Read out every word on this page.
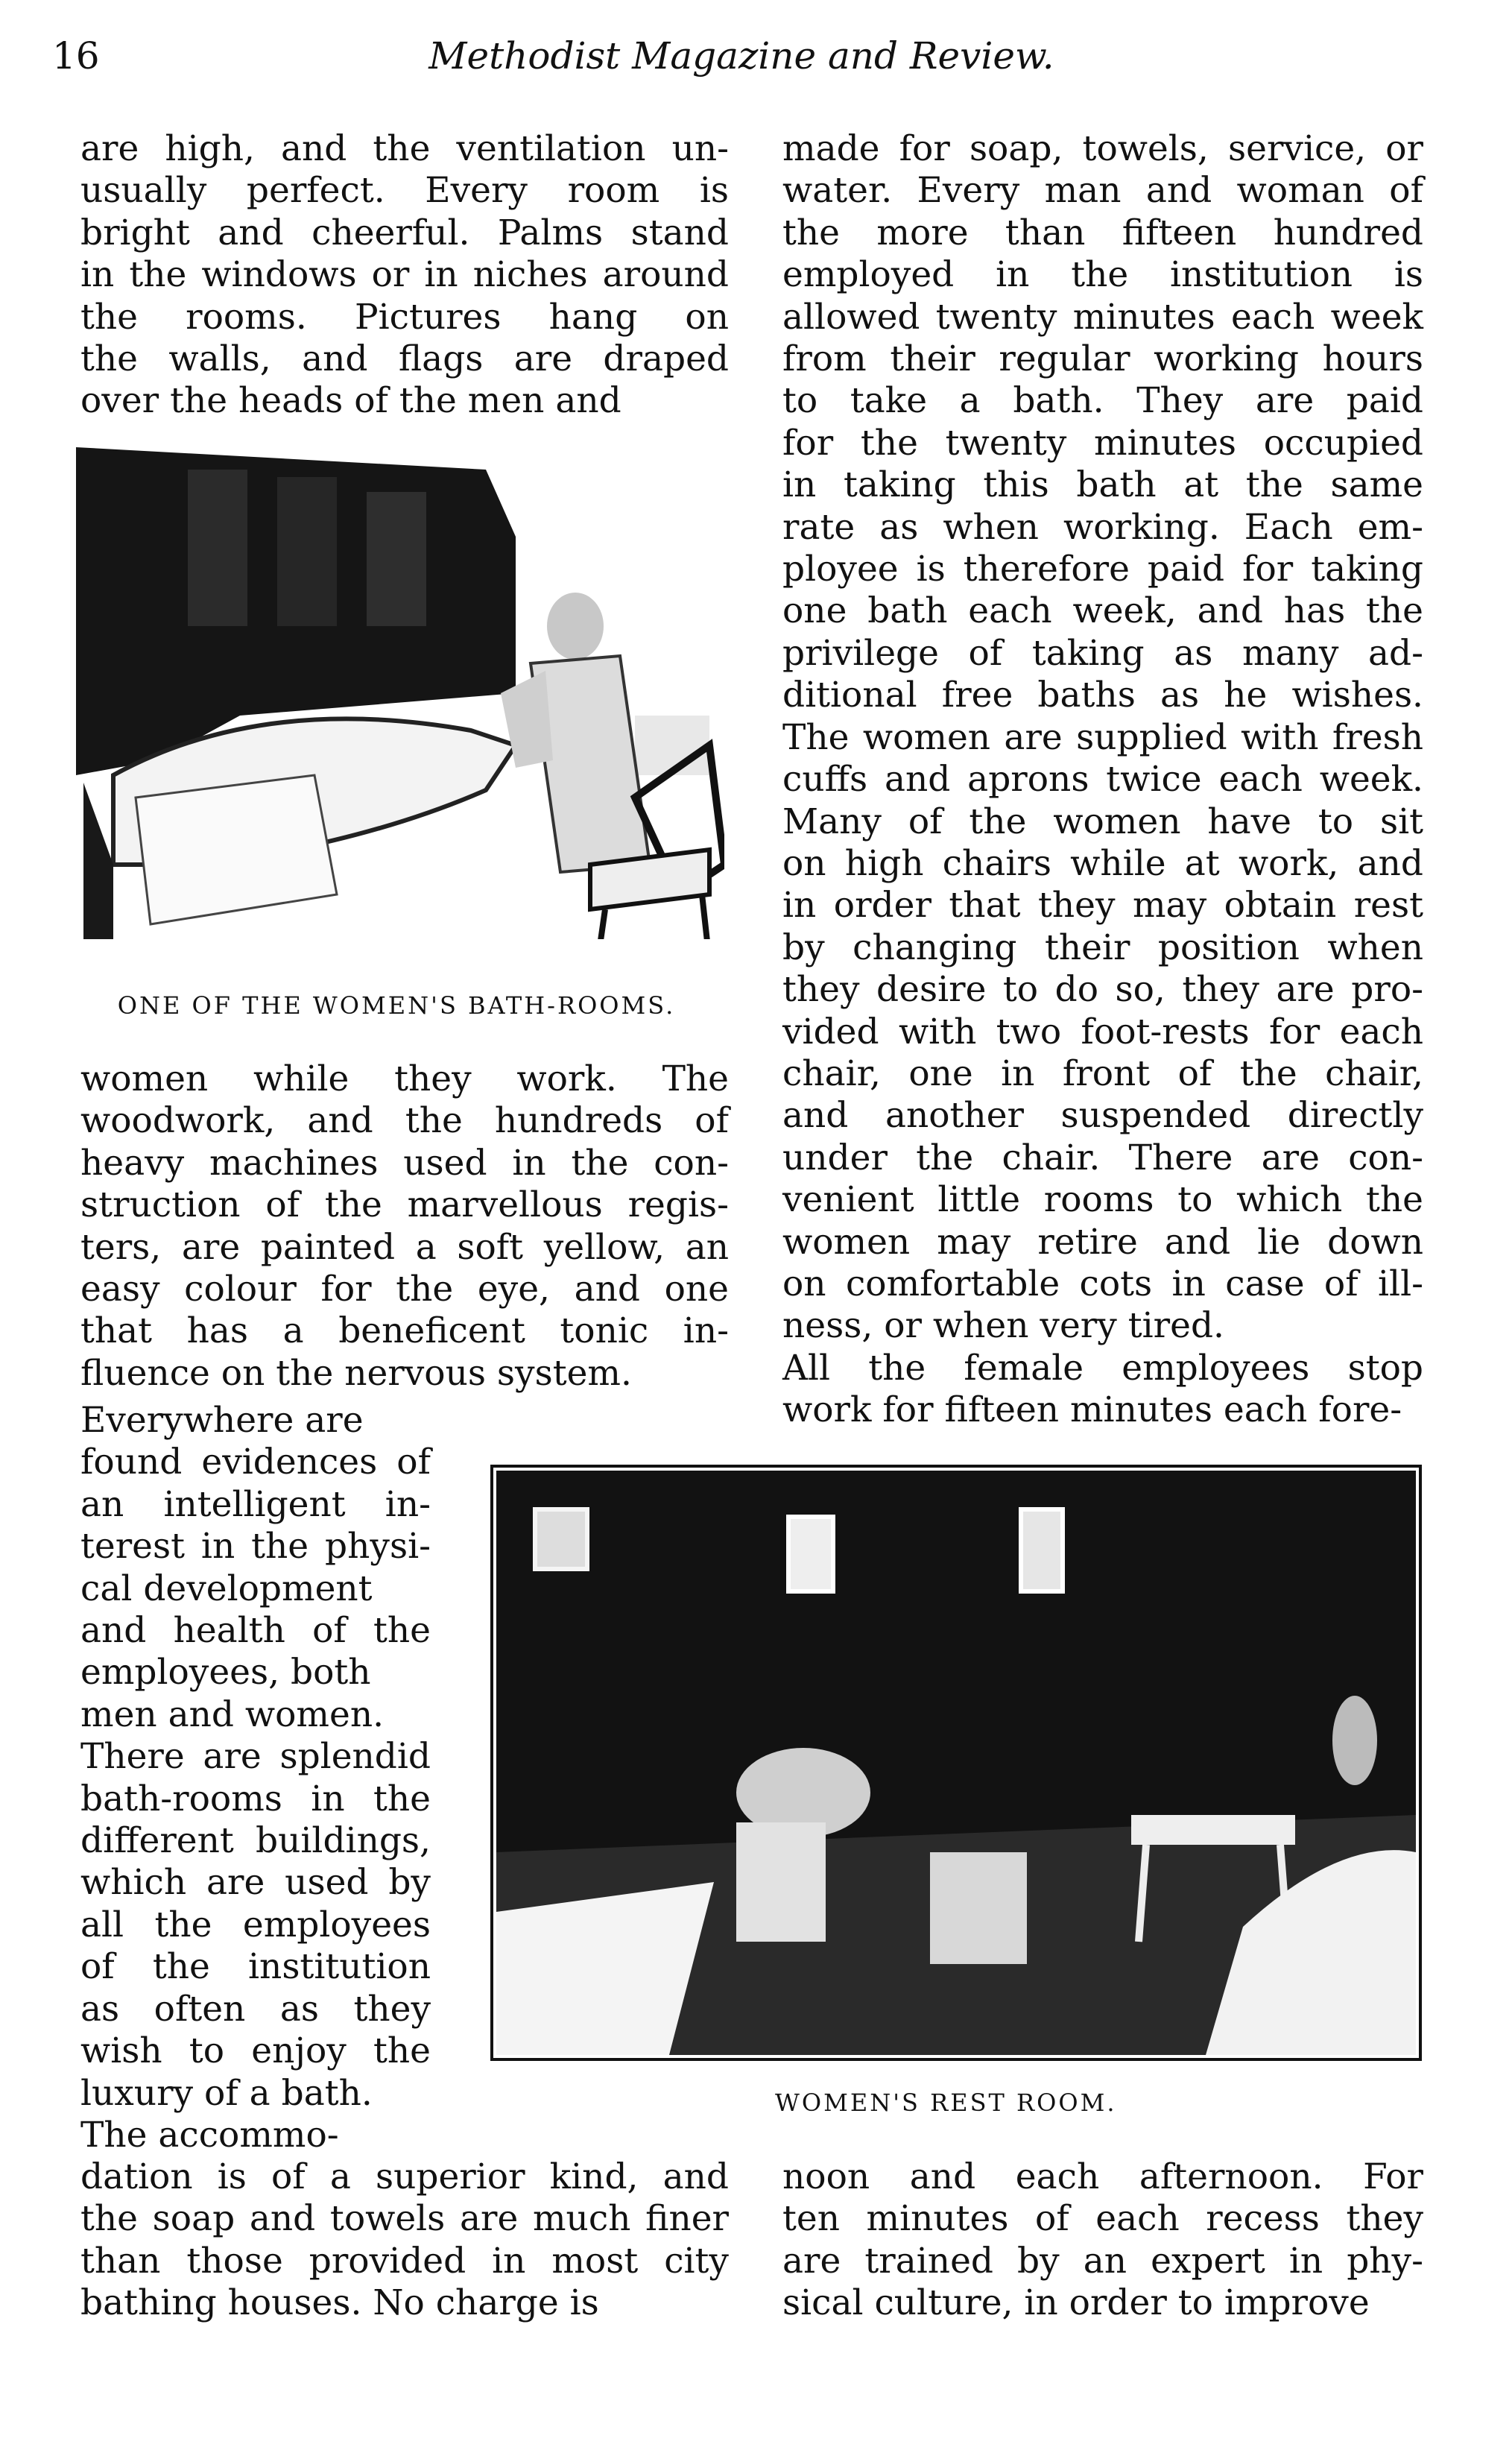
16	Methodist Magazine and Review.
are high, and the ventilation un-
usually perfect. Every room is
bright and cheerful. Palms stand
in the windows or in niches around
the rooms. Pictures hang on
the walls, and flags are draped
over the heads of the men and
ONE OF THE WOMEN'S BATH-ROOMS.
women while they work. The
woodwork, and the hundreds of
heavy machines used in the con-
struction of the marvellous regis-
ters, are painted a soft yellow, an
easy colour for the eye, and one
that has a beneficent tonic in-
fluence on the nervous system.
Everywhere are
found evidences of
an intelligent in-
terest in the physi-
cal development
and health of the
employees, both
men and women.
There are splendid
bath-rooms in the
different buildings,
which are used by
all the employees
of the institution
as often as they
wish to enjoy the
luxury of a bath.
The accommo-
dation is of a superior kind, and
the soap and towels are much finer
than those provided in most city
bathing houses. No charge is
made for soap, towels, service, or
water. Every man and woman of
the more than fifteen hundred
employed in the institution is
allowed twenty minutes each week
from their regular working hours
to take a bath. They are paid
for the twenty minutes occupied
in taking this bath at the same
rate as when working. Each em-
ployee is therefore paid for taking
one bath each week, and has the
privilege of taking as many ad-
ditional free baths as he wishes.
The women are supplied with fresh
cuffs and aprons twice each week.
Many of the women have to sit
on high chairs while at work, and
in order that they may obtain rest
by changing their position when
they desire to do so, they are pro-
vided with two foot-rests for each
chair, one in front of the chair,
and another suspended directly
under the chair. There are con-
venient little rooms to which the
women may retire and lie down
on comfortable cots in case of ill-
ness, or when very tired.
All the female employees stop
work for fifteen minutes each fore-
WOMEN'S REST ROOM.
noon and each afternoon. For
ten minutes of each recess they
are trained by an expert in phy-
sical culture, in order to improve
